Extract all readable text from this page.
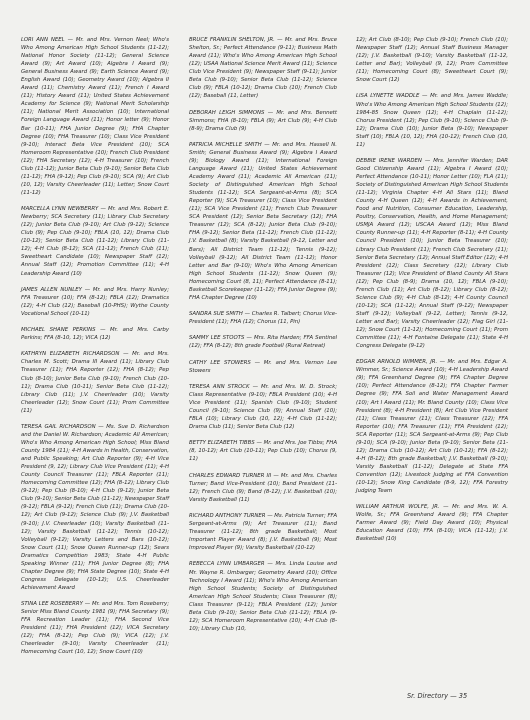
LORI ANN NEEL — Mr. and Mrs. Vernon Neel; Who's Who Among American High School Students (11-12); National Honor Society (11-12); General Science Award (9); Art Award (10); Algebra I Award (9); General Business Award (9); Earth Science Award (9); English Award (10); Geometry Award (10); Algebra II Award (11); Chemistry Award (11); French I Award (11); History Award (11); United States Achievement Academy for Science (9); National Merit Scholarship (11); National Merit Association (10); International Foreign Language Award (11); Honor letter (9); Honor Bar (10-11); FHA Junior Degree (9); FHA Chapter Degree (10); FHA Treasurer (10); Class Vice President (9-10); Interact Beta Vice President (10); SCA Homeroom Representative (10); French Club President (12); FHA Secretary (12); 4-H Treasurer (10); French Club (11-12); Junior Beta Club (9-10); Senior Beta Club (11-12); FHA (9-12); Pep Club (9-10); SCA (9); Art Club (10, 12); Varsity Cheerleader (11); Letter; Snow Court (11-12)

MARCELLA LYNN NEWBERRY — Mr. and Mrs. Robert E. Newberry; SCA Secretary (11); Library Club Secretary (12); Junior Beta Club (9-10); Art Club (9-12); Science Club (9); Pep Club (9-10); FBLA (10, 12); Drama Club (10-12); Senior Beta Club (11-12); Library Club (11-12); 4-H Club (8-12); SCA (11-12); French Club (11); Sweetheart Candidate (10); Newspaper Staff (12); Annual Staff (12); Promotion Committee (11); 4-H Leadership Award (10)

JAMES ALLEN NUNLEY — Mr. and Mrs. Harry Nunley; FFA Treasurer (10); FFA (8-12); FBLA (12); Dramatics (12); 4-H Club (12); Baseball (10-PHS); Wythe County Vocational School (10-11)

MICHAEL SHANE PERKINS — Mr. and Mrs. Carby Perkins; FFA (8-10, 12); VICA (12)

KATHRYN ELIZABETH RICHARDSON — Mr. and Mrs. Charles M. Scott; Drama III Award (11); Library Club Treasurer (11); FHA Reporter (12); FHA (8-12); Pep Club (8-10); Junior Beta Club (9-10); French Club (10-11); Drama Club (10-11); Senior Beta Club (11-12); Library Club (11); J.V. Cheerleader (10); Varsity Cheerleader (12); Snow Court (11); Prom Committee (11)

TERESA GAIL RICHARDSON — Ms. Sue D. Richardson and the Daniel W. Richardson; Academic All American; Who's Who Among American High School; Miss Bland County 1984 (11); 4-H Awards in Health, Conservation, and Public Speaking; Art Club Reporter (9); 4-H Vice President (9, 12); Library Club Vice President (11); 4-H County Council Treasurer (11); FBLA Reporter (11); Homecoming Committee (12); FHA (8-12); Library Club (9-12); Pep Club (8-10); 4-H Club (9-12); Junior Beta Club (9-10); Senior Beta Club (11-12); Newspaper Staff (9-12); FBLA (9-12); French Club (11); Drama Club (10-12); Art Club (9-12); Science Club (9); J.V. Basketball (9-10); J.V. Cheerleader (10); Varsity Basketball (11-12); Varsity Basketball (11-12); Tennis (10-12); Volleyball (9-12); Varsity Letters and Bars (10-12); Snow Court (11); Snow Queen Runner-up (12); Sears Dramatics Competition 1983; State 4-H Public Speaking Winner (11); FHA Junior Degree (8); FHA Chapter Degree (9); FHA State Degree (10); State 4-H Congress Delegate (10-12); U.S. Cheerleader Achievement Award

STINA LEE ROSEBERRY — Mr. and Mrs. Tom Roseberry; Senior Miss Bland County 1981 (9); FHA Secretary (9); FFA Recreation Leader (11); FHA Second Vice President (11); FHA President (12); VICA Secretary (12); FHA (8-12); Pep Club (9); VICA (12); J.V. Cheerleader (9-10); Varsity Cheerleader (11); Homecoming Court (10, 12); Snow Court (10)

BRUCE FRANKLIN SHELTON, JR. — Mr. and Mrs. Bruce Shelton, Sr.; Perfect Attendance (9-11); Business Math Award (11); Who's Who Among American High School (12); USAA National Science Merit Award (11); Science Club Vice President (9); Newspaper Staff (9-11); Junior Beta Club (9-10); Senior Beta Club (11-12); Science Club (9); FBLA (10-12); Drama Club (10); French Club (12); Baseball (11, Letter)

DEBORAH LEIGH SIMMONS — Mr. and Mrs. Bennett Simmons; FHA (8-10); FBLA (9); Art Club (9); 4-H Club (8-9); Drama Club (9)

PATRICIA MICHELLE SMITH — Mr. and Mrs. Hassell N. Smith; General Business Award (9); Algebra I Award (9); Biology Award (11); International Foreign Language Award (11); United States Achievement Academy Award (11); Academic All American (11); Society of Distinguished American High School Students (11-12); SCA Sergeant-at-Arms (8); SCA Reporter (9); SCA Treasurer (10); Class Vice President (11); SCA Vice President (11); French Club Treasurer SCA President (12); Senior Beta Secretary (12); FHA Treasurer (12); SCA (8-12); Junior Beta Club (9-10); FHA (9-12); Senior Beta (11-12); French Club (11-12); J.V. Basketball (8); Varsity Basketball (9-12, Letter and Bars); All District Team (11-12); Tennis (9-12); Volleyball (9-12); All District Team (11-12); Honor Letter and Bar (9-10); Who's Who Among American High School Students (11-12); Snow Queen (9); Homecoming Court (8, 11); Perfect Attendance (8-11); Basketball Scorekeeper (11-12); FFA Junior Degree (9); FHA Chapter Degree (10)

SANDRA SUE SMITH — Charles R. Talbert; Chorus Vice-President (11); FHA (12); Chorus (11, Pin)

SAMMY LEE STOOTS — Mrs. Rita Harden; FFA Sentinel (12); FFA (8-12); 8th grade Football (Rural Retreat)

CATHY LEE STOWERS — Mr. and Mrs. Vernon Lee Stowers

TERESA ANN STROCK — Mr. and Mrs. W. D. Strock; Class Representative (9-10); FBLA President (10); 4-H Vice President (11); Spanish Club (9-10); Student Council (9-10); Science Club (9); Annual Staff (10); FBLA (10); Library Club (10, 12); 4-H Club (11-12); Drama Club (11); Senior Beta Club (12)

BETTY ELIZABETH TIBBS — Mr. and Mrs. Joe Tibbs; FHA (8, 10-12); Art Club (10-11); Pep Club (10); Chorus (9, 11)

CHARLES EDWARD TURNER III — Mr. and Mrs. Charles Turner; Band Vice-President (10); Band President (11-12); French Club (9); Band (8-12); J.V. Basketball (10); Varsity Basketball (11)

RICHARD ANTHONY TURNER — Ms. Patricia Turner; FFA Sergeant-at-Arms (9); Art Treasurer (11); Band Treasurer (11-12); 8th grade Basketball; Most Important Player Award (8); J.V. Basketball (9); Most Improved Player (9); Varsity Basketball (10-12)

REBECCA LYNN UMBARGER — Mrs. Linda Louise and Mr. Wayne R. Umbarger; Geometry Award (10); Office Technology I Award (11); Who's Who Among American High School Students; Society of Distinguished American High School Students; Class Treasurer (8); Class Treasurer (9-11); FBLA President (12); Junior Beta Club (9-10); Senior Beta Club (11-12); FBLA (9-12); SCA Homeroom Representative (10); 4-H Club (8-10); Library Club (10,

12); Art Club (8-10); Pep Club (9-10); French Club (10); Newspaper Staff (12); Annual Staff Business Manager (12); J.V. Basketball (9-10); Varsity Basketball (11-12, Letter and Bar); Volleyball (9, 12); Prom Committee (11); Homecoming Court (8); Sweetheart Court (9); Snow Court (12)

LISA LYNETTE WADDLE — Mr. and Mrs. James Waddle; Who's Who Among American High School Students (12); 1984-85 Snow Queen (12); 4-H Chaplain (11-12); Chorus President (12); Pep Club (9-10); Science Club (9-12); Drama Club (10); Junior Beta (9-10); Newspaper Staff (10); FBLA (10, 12); FHA (10-12); French Club (10, 11)

DEBBIE IRENE WARDEN — Mrs. Jennifer Warden; DAR Good Citizenship Award (11); Algebra I Award (10); Perfect Attendance (10-11); Honor Letter (10); FLA (11); Society of Distinguished American High School Students (11-12); Virginia Chapter 4-H All Stars (11); Bland County 4-H Queen (12); 4-H Awards in Achievement, Food and Nutrition, Consumer Education, Leadership, Poultry, Conservation, Health, and Home Management; USMJA Award (12); USCAA Award (12); Miss Bland County Runner-up (11); 4-H Reporter (8-11); 4-H County Council President (10); Junior Beta Treasurer (10); Library Club President (11); French Club Secretary (11); Senior Beta Secretary (12); Annual Staff Editor (12); 4-H President (12); Class Secretary (12); Library Club Treasurer (12); Vice President of Bland County All Stars (12); Pep Club (8-9); Drama (10, 12); FBLA (9-10); French Club (11); Art Club (8-12); Library Club (8-12); Science Club (9); 4-H Club (8-12); 4-H County Council (10-12); SCA (11-12); Annual Staff (9-12); Newspaper Staff (9-12); Volleyball (9-12, Letter); Tennis (9-12, Letter and Bar); Varsity Cheerleader (12); Flag Girl (11-12); Snow Court (11-12); Homecoming Court (11); Prom Committee (11); 4-H Fontaine Delegate (11); State 4-H Congress Delegate (9-12)

EDGAR ARNOLD WIMMER, JR. — Mr. and Mrs. Edgar A. Wimmer, Sr.; Science Award (10); 4-H Leadership Award (9); FFA Greenhand Degree (9); FFA Chapter Degree (10); Perfect Attendance (8-12); FFA Chapter Farmer Degree (9); FFA Soil and Water Management Award (10); Art I Award (11); Mr. Bland County (10); Class Vice President (8); 4-H President (8); Art Club Vice President (11); Class Treasurer (11); Class Treasurer (12); FFA Reporter (10); FFA Treasurer (11); FFA President (12); SCA Reporter (11); SCA Sergeant-at-Arms (9); Pep Club (9-10); SCA (9-10); Junior Beta (9-10); Senior Beta (11-12); Drama Club (10-12); Art Club (10-12); FFA (8-12); 4-H (8-12); 8th grade Basketball; J.V. Basketball (9-10); Varsity Basketball (11-12); Delegate at State FFA Convention (12); Livestock Judging at FFA Convention (10-12); Snow King Candidate (8-9, 12); FFA Forestry Judging Team

WILLIAM ARTHUR WOLFE, JR. — Mr. and Mrs. W. A. Wolfe, Sr.; FFA Greenhand Award (9); FFA Chapter Farmer Award (9); Field Day Award (10); Physical Education Award (10); FFA (8-10); VICA (11-12); J.V. Basketball (10)

Sr. Directory — 35
